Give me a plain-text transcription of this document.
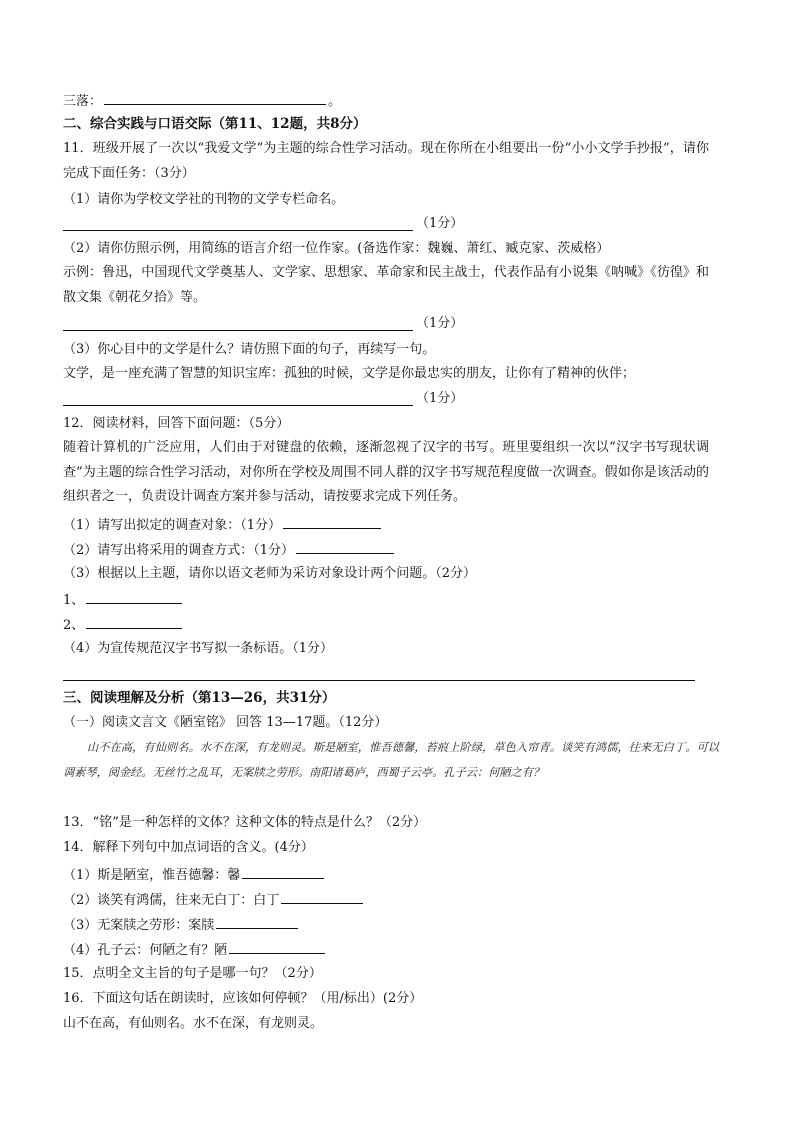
三落：	。
二、综合实践与口语交际（第11、12题，共8分）
11．班级开展了一次以“我爱文学”为主题的综合性学习活动。现在你所在小组要出一份“小小文学手抄报”，请你完成下面任务：（3分）
（1）请你为学校文学社的刊物的文学专栏命名。
（1分）
（2）请你仿照示例，用简练的语言介绍一位作家。(备选作家：魏巍、萧红、臧克家、茨威格）
示例：鲁迅，中国现代文学奠基人、文学家、思想家、革命家和民主战士，代表作品有小说集《呐喊》《彷徨》和散文集《朝花夕拾》等。
（1分）
（3）你心目中的文学是什么？请仿照下面的句子，再续写一句。
文学，是一座充满了智慧的知识宝库：孤独的时候，文学是你最忠实的朋友，让你有了精神的伙伴；
（1分）
12．阅读材料，回答下面问题：（5分）
随着计算机的广泛应用，人们由于对键盘的依赖，逐渐忽视了汉字的书写。班里要组织一次以“汉字书写现状调查”为主题的综合性学习活动，对你所在学校及周围不同人群的汉字书写规范程度做一次调查。假如你是该活动的组织者之一，负责设计调查方案并参与活动，请按要求完成下列任务。
（1）请写出拟定的调查对象：（1分）
（2）请写出将采用的调查方式：（1分）
（3）根据以上主题，请你以语文老师为采访对象设计两个问题。（2分）
1、
2、
（4）为宣传规范汉字书写拟一条标语。（1分）
三、阅读理解及分析（第13—26，共31分）
（一）阅读文言文《陋室铭》 回答 13—17题。（12分）
山不在高，有仙则名。水不在深，有龙则灵。斯是陋室，惟吾德馨，苔痕上阶绿，草色入帘青。谈笑有鸿儒，往来无白丁。可以调素琴，阅金经。无丝竹之乱耳，无案牍之劳形。南阳诸葛庐，西蜀子云亭。孔子云：何陋之有？
13．“铭”是一种怎样的文体？这种文体的特点是什么？（2分）
14．解释下列句中加点词语的含义。(4分）
（1）斯是陋室，惟吾德馨：馨
（2）谈笑有鸿儒，往来无白丁：白丁
（3）无案牍之劳形：案牍
（4）孔子云：何陋之有？陋
15．点明全文主旨的句子是哪一句？（2分）
16．下面这句话在朗读时，应该如何停顿？（用/标出）(2分）
山不在高，有仙则名。水不在深，有龙则灵。
